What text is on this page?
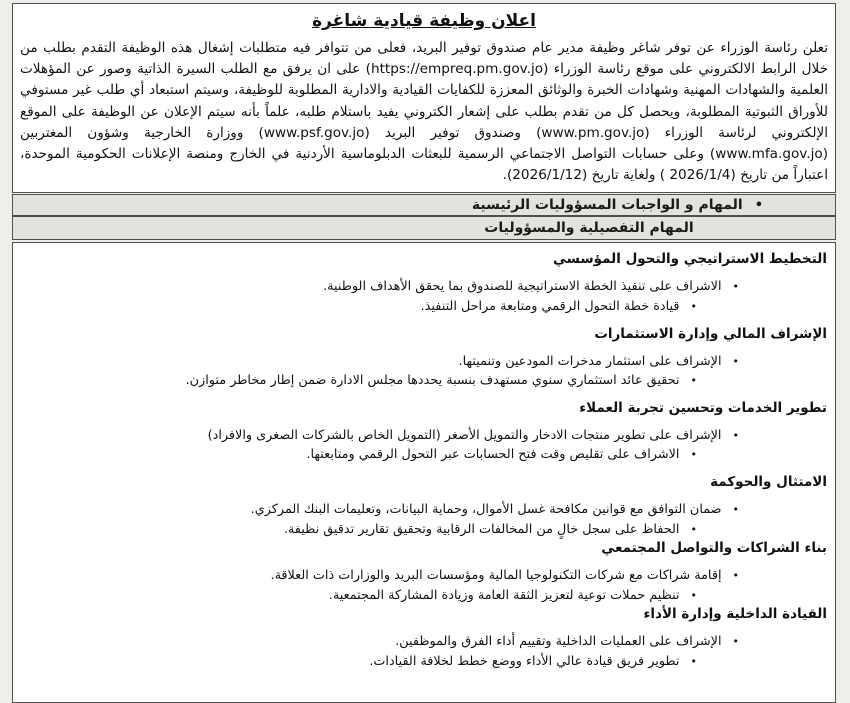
اعلان وظيفة قيادية شاغرة

تعلن رئاسة الوزراء عن توفر شاغر وظيفة مدير عام صندوق توفير البريد، فعلى من تتوافر فيه متطلبات إشغال هذه الوظيفة التقدم بطلب من خلال الرابط الالكتروني على موقع رئاسة الوزراء (https://empreq.pm.gov.jo) على ان يرفق مع الطلب السيرة الذاتية وصور عن المؤهلات العلمية والشهادات المهنية وشهادات الخبرة والوثائق المعززة للكفايات القيادية والادارية المطلوبة للوظيفة، وسيتم استبعاد أي طلب غير مستوفي للأوراق الثبوتية المطلوبة، ويحصل كل من تقدم بطلب على إشعار الكتروني يفيد باستلام طلبه، علماً بأنه سيتم الإعلان عن الوظيفة على الموقع الإلكتروني لرئاسة الوزراء (www.pm.gov.jo) وصندوق توفير البريد (www.psf.gov.jo) ووزارة الخارجية وشؤون المغتربين (www.mfa.gov.jo) وعلى حسابات التواصل الاجتماعي الرسمية للبعثات الدبلوماسية الأردنية في الخارج ومنصة الإعلانات الحكومية الموحدة، اعتباراً من تاريخ (2026/1/4 ) ولغاية تاريخ (2026/1/12).

• المهام و الواجبات المسؤوليات الرئيسية
المهام التفصيلية والمسؤوليات
التخطيط الاستراتيجي والتحول المؤسسي
• الاشراف على تنفيذ الخطة الاستراتيجية للصندوق بما يحقق الأهداف الوطنية.
• قيادة خطة التحول الرقمي ومتابعة مراحل التنفيذ.
الإشراف المالي وإدارة الاستثمارات
• الإشراف على استثمار مدخرات المودعين وتنميتها.
• تحقيق عائد استثماري سنوي مستهدف بنسبة يحددها مجلس الادارة ضمن إطار مخاطر متوازن.
تطوير الخدمات وتحسين تجربة العملاء
• الإشراف على تطوير منتجات الادخار والتمويل الأصغر (التمويل الخاص بالشركات الصغرى والافراد)
• الاشراف على تقليص وقت فتح الحسابات عبر التحول الرقمي ومتابعتها.
الامتثال والحوكمة
• ضمان التوافق مع قوانين مكافحة غسل الأموال، وحماية البيانات، وتعليمات البنك المركزي.
• الحفاظ على سجل خالٍ من المخالفات الرقابية وتحقيق تقارير تدقيق نظيفة.
بناء الشراكات والتواصل المجتمعي
• إقامة شراكات مع شركات التكنولوجيا المالية ومؤسسات البريد والوزارات ذات العلاقة.
• تنظيم حملات توعية لتعزيز الثقة العامة وزيادة المشاركة المجتمعية.
القيادة الداخلية وإدارة الأداء
• الإشراف على العمليات الداخلية وتقييم أداء الفرق والموظفين.
• تطوير فريق قيادة عالي الأداء ووضع خطط لخلافة القيادات.
